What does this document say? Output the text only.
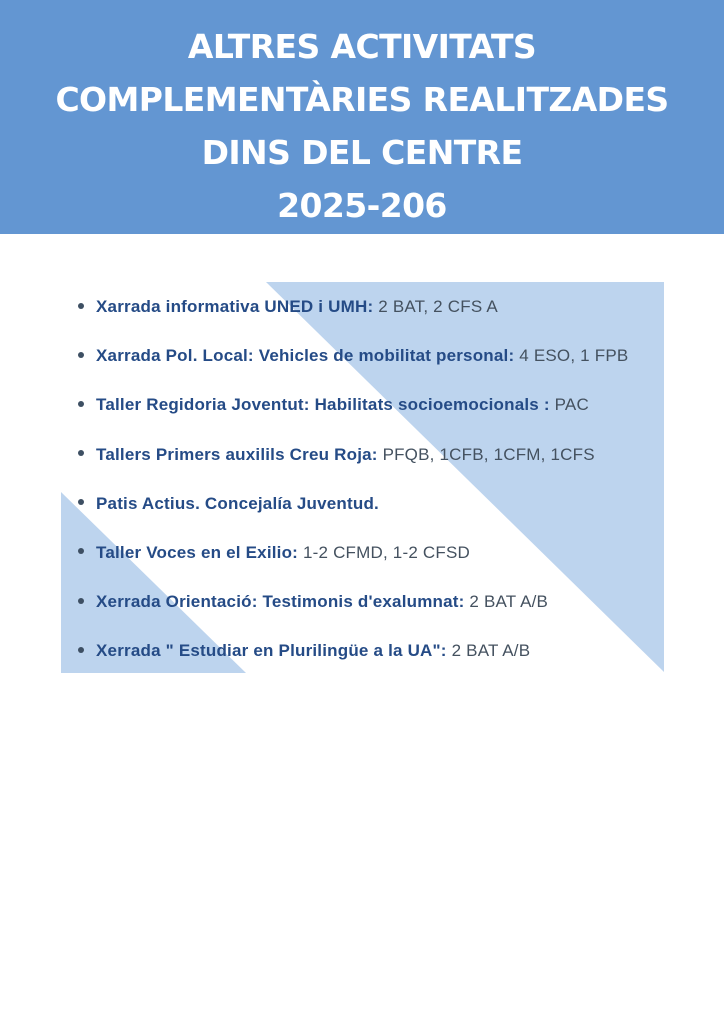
ALTRES ACTIVITATS
COMPLEMENTÀRIES REALITZADES
DINS DEL CENTRE
2025-206
Xarrada informativa UNED i UMH: 2 BAT, 2 CFS A
Xarrada Pol. Local: Vehicles de mobilitat personal: 4 ESO, 1 FPB
Taller Regidoria Joventut: Habilitats socioemocionals : PAC
Tallers Primers auxilils Creu Roja: PFQB, 1CFB, 1CFM, 1CFS
Patis Actius. Concejalía Juventud.
Taller Voces en el Exilio: 1-2 CFMD, 1-2 CFSD
Xerrada Orientació: Testimonis d'exalumnat: 2 BAT A/B
Xerrada " Estudiar en Plurilingüe a la UA": 2 BAT A/B
